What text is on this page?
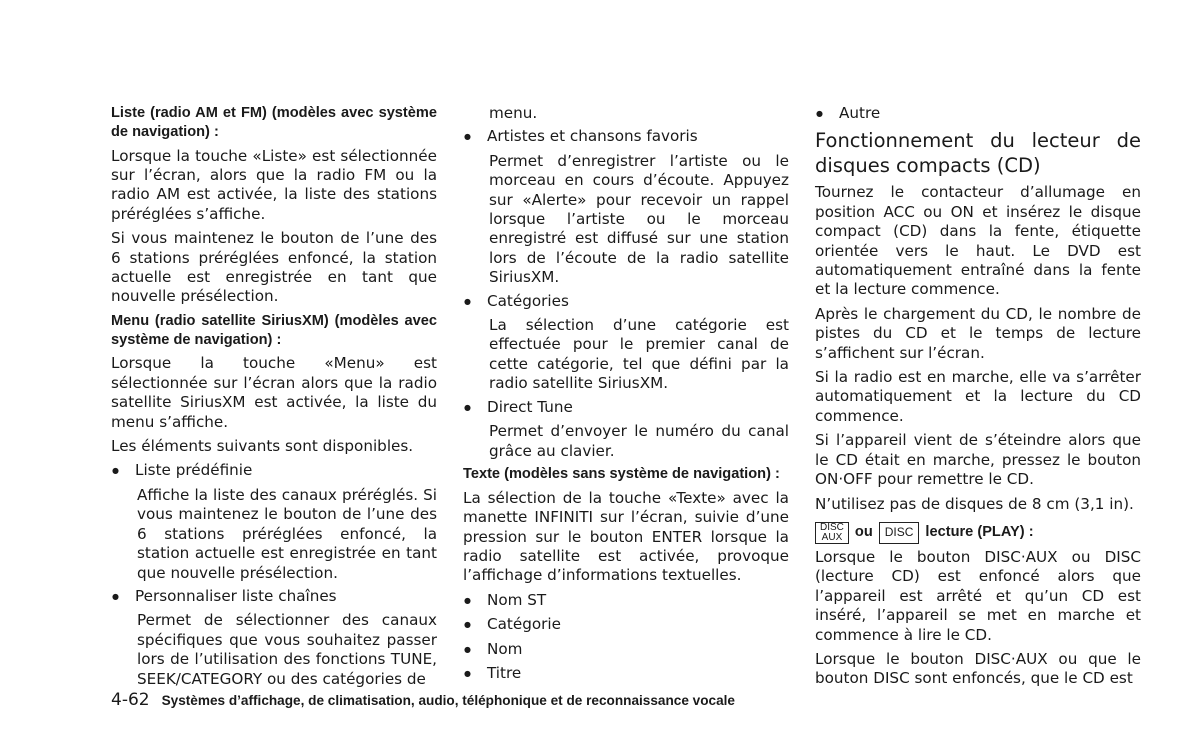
Liste (radio AM et FM) (modèles avec système de navigation) :

Lorsque la touche «Liste» est sélectionnée sur l’écran, alors que la radio FM ou la radio AM est activée, la liste des stations préréglées s’affiche.

Si vous maintenez le bouton de l’une des 6 stations préréglées enfoncé, la station actuelle est enregistrée en tant que nouvelle présélection.

Menu (radio satellite SiriusXM) (modèles avec système de navigation) :

Lorsque la touche «Menu» est sélectionnée sur l’écran alors que la radio satellite SiriusXM est activée, la liste du menu s’affiche.

Les éléments suivants sont disponibles.

● Liste prédéfinie

Affiche la liste des canaux préréglés. Si vous maintenez le bouton de l’une des 6 stations préréglées enfoncé, la station actuelle est enregistrée en tant que nouvelle présélection.

● Personnaliser liste chaînes

Permet de sélectionner des canaux spécifiques que vous souhaitez passer lors de l’utilisation des fonctions TUNE, SEEK/CATEGORY ou des catégories de

menu.

● Artistes et chansons favoris

Permet d’enregistrer l’artiste ou le morceau en cours d’écoute. Appuyez sur «Alerte» pour recevoir un rappel lorsque l’artiste ou le morceau enregistré est diffusé sur une station lors de l’écoute de la radio satellite SiriusXM.

● Catégories

La sélection d’une catégorie est effectuée pour le premier canal de cette catégorie, tel que défini par la radio satellite SiriusXM.

● Direct Tune

Permet d’envoyer le numéro du canal grâce au clavier.

Texte (modèles sans système de navigation) :

La sélection de la touche «Texte» avec la manette INFINITI sur l’écran, suivie d’une pression sur le bouton ENTER lorsque la radio satellite est activée, provoque l’affichage d’informations textuelles.

● Nom ST

● Catégorie

● Nom

● Titre

● Autre

Fonctionnement du lecteur de disques compacts (CD)

Tournez le contacteur d’allumage en position ACC ou ON et insérez le disque compact (CD) dans la fente, étiquette orientée vers le haut. Le DVD est automatiquement entraîné dans la fente et la lecture commence.

Après le chargement du CD, le nombre de pistes du CD et le temps de lecture s’affichent sur l’écran.

Si la radio est en marche, elle va s’arrêter automatiquement et la lecture du CD commence.

Si l’appareil vient de s’éteindre alors que le CD était en marche, pressez le bouton ON·OFF pour remettre le CD.

N’utilisez pas de disques de 8 cm (3,1 in).

DISC
AUX ou	DISC lecture (PLAY) :

Lorsque le bouton DISC·AUX ou DISC (lecture CD) est enfoncé alors que l’appareil est arrêté et qu’un CD est inséré, l’appareil se met en marche et commence à lire le CD.

Lorsque le bouton DISC·AUX ou que le bouton DISC sont enfoncés, que le CD est

4-62 Systèmes d’affichage, de climatisation, audio, téléphonique et de reconnaissance vocale
